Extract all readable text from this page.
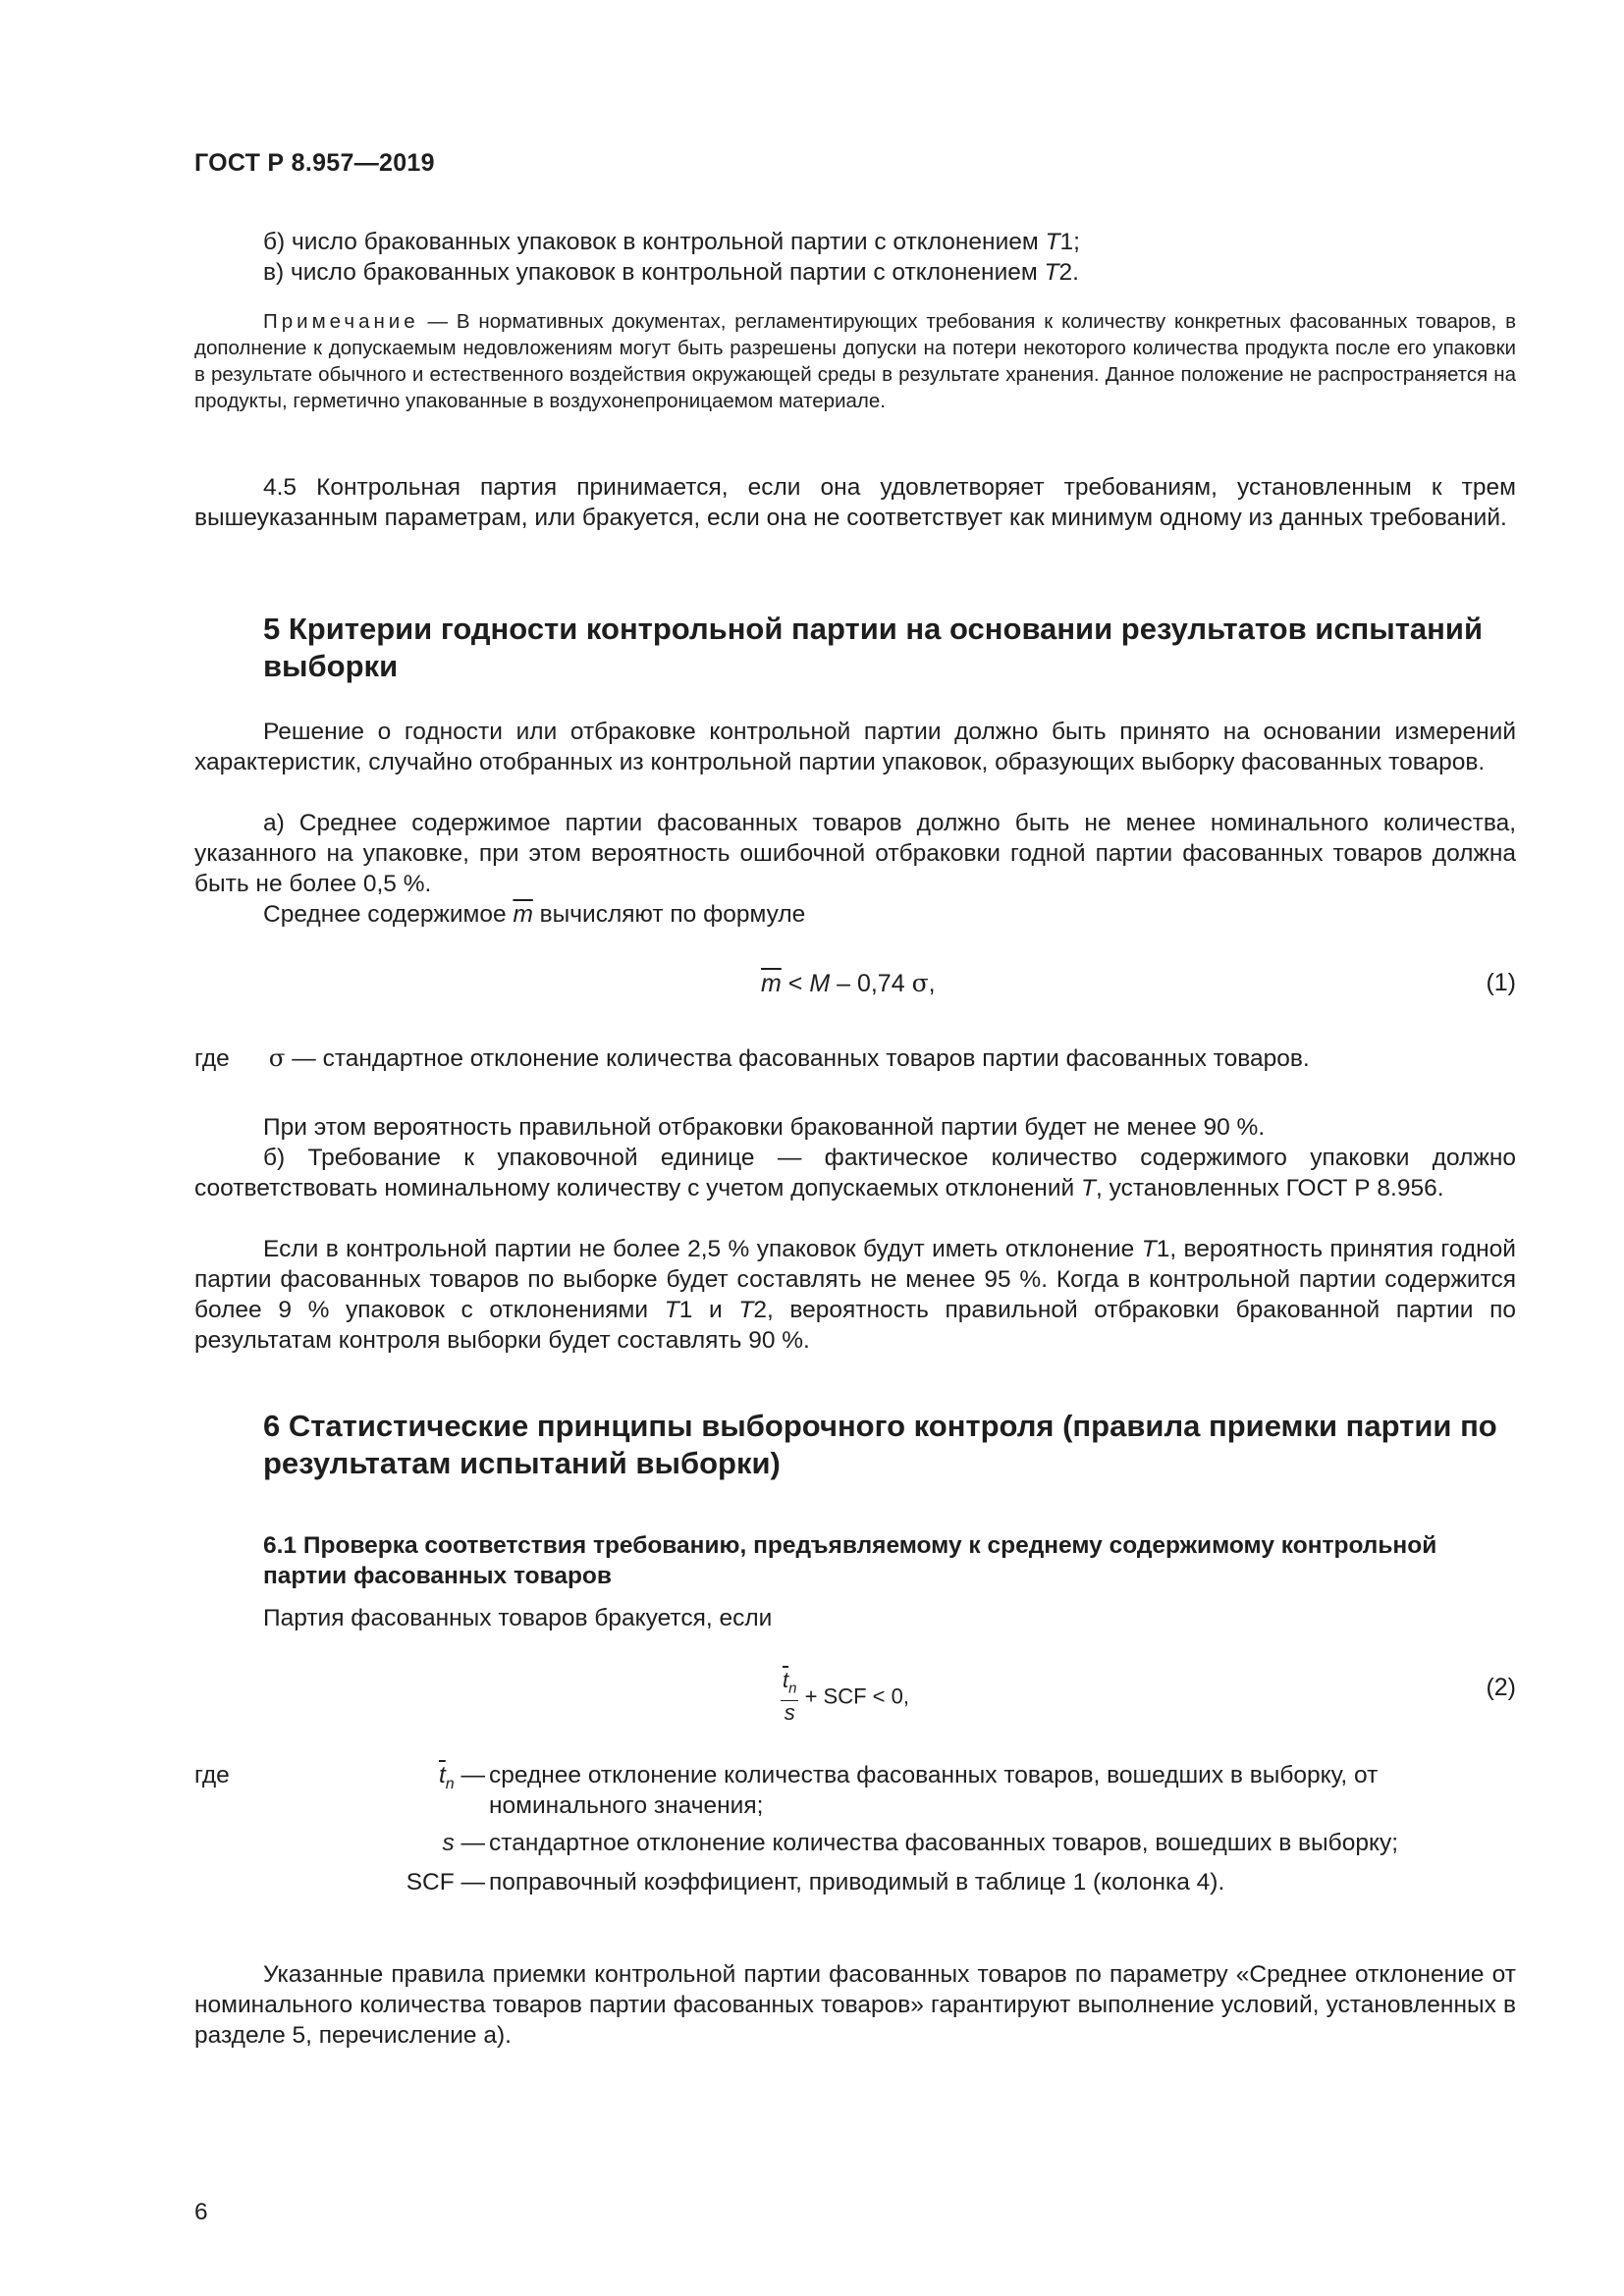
ГОСТ Р 8.957—2019

б) число бракованных упаковок в контрольной партии с отклонением T1;

в) число бракованных упаковок в контрольной партии с отклонением T2.

Примечание — В нормативных документах, регламентирующих требования к количеству конкретных фасованных товаров, в дополнение к допускаемым недовложениям могут быть разрешены допуски на потери некоторого количества продукта после его упаковки в результате обычного и естественного воздействия окружающей среды в результате хранения. Данное положение не распространяется на продукты, герметично упакованные в воздухонепроницаемом материале.

4.5 Контрольная партия принимается, если она удовлетворяет требованиям, установленным к трем вышеуказанным параметрам, или бракуется, если она не соответствует как минимум одному из данных требований.

5 Критерии годности контрольной партии на основании результатов испытаний выборки

Решение о годности или отбраковке контрольной партии должно быть принято на основании измерений характеристик, случайно отобранных из контрольной партии упаковок, образующих выборку фасованных товаров.

а) Среднее содержимое партии фасованных товаров должно быть не менее номинального количества, указанного на упаковке, при этом вероятность ошибочной отбраковки годной партии фасованных товаров должна быть не более 0,5 %.

Среднее содержимое $\overline{m}$ вычисляют по формуле

$\overline{m} < M - 0,74$ σ,	(1)
где σ — стандартное отклонение количества фасованных товаров партии фасованных товаров.

При этом вероятность правильной отбраковки бракованной партии будет не менее 90 %.

б) Требование к упаковочной единице — фактическое количество содержимого упаковки должно соответствовать номинальному количеству с учетом допускаемых отклонений T, установленных ГОСТ Р 8.956.

Если в контрольной партии не более 2,5 % упаковок будут иметь отклонение T1, вероятность принятия годной партии фасованных товаров по выборке будет составлять не менее 95 %. Когда в контрольной партии содержится более 9 % упаковок с отклонениями T1 и T2, вероятность правильной отбраковки бракованной партии по результатам контроля выборки будет составлять 90 %.

6 Статистические принципы выборочного контроля (правила приемки партии по результатам испытаний выборки)
6.1 Проверка соответствия требованию, предъявляемому к среднему содержимому контрольной партии фасованных товаров

Партия фасованных товаров бракуется, если

$\frac{\overline{t}_n}{s}$ + SCF < 0,	(2)
где	$\overline{t}_n$ — среднее отклонение количества фасованных товаров, вошедших в выборку, от номинального значения;
s — стандартное отклонение количества фасованных товаров, вошедших в выборку;
SCF — поправочный коэффициент, приводимый в таблице 1 (колонка 4).

Указанные правила приемки контрольной партии фасованных товаров по параметру «Среднее отклонение от номинального количества товаров партии фасованных товаров» гарантируют выполнение условий, установленных в разделе 5, перечисление а).

6
